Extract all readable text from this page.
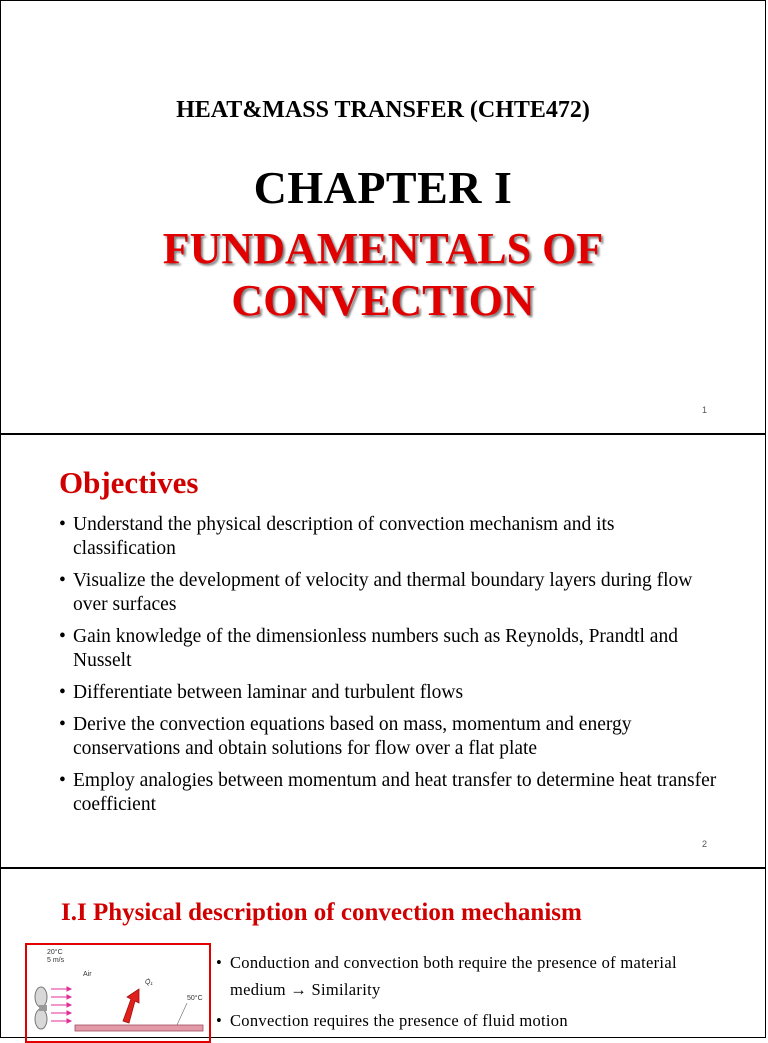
HEAT&MASS TRANSFER (CHTE472)
CHAPTER I
FUNDAMENTALS OF
CONVECTION
1
Objectives
• Understand the physical description of convection mechanism and its classification
• Visualize the development of velocity and thermal boundary layers during flow over surfaces
• Gain knowledge of the dimensionless numbers such as Reynolds, Prandtl and Nusselt
• Differentiate between laminar and turbulent flows
• Derive the convection equations based on mass, momentum and energy conservations and obtain solutions for flow over a flat plate
• Employ analogies between momentum and heat transfer to determine heat transfer coefficient
2
I.I Physical description of convection mechanism
20°C
5 m/s
Air
Q̇₁
50°C
• Conduction and convection both require the presence of material medium → Similarity
• Convection requires the presence of fluid motion
